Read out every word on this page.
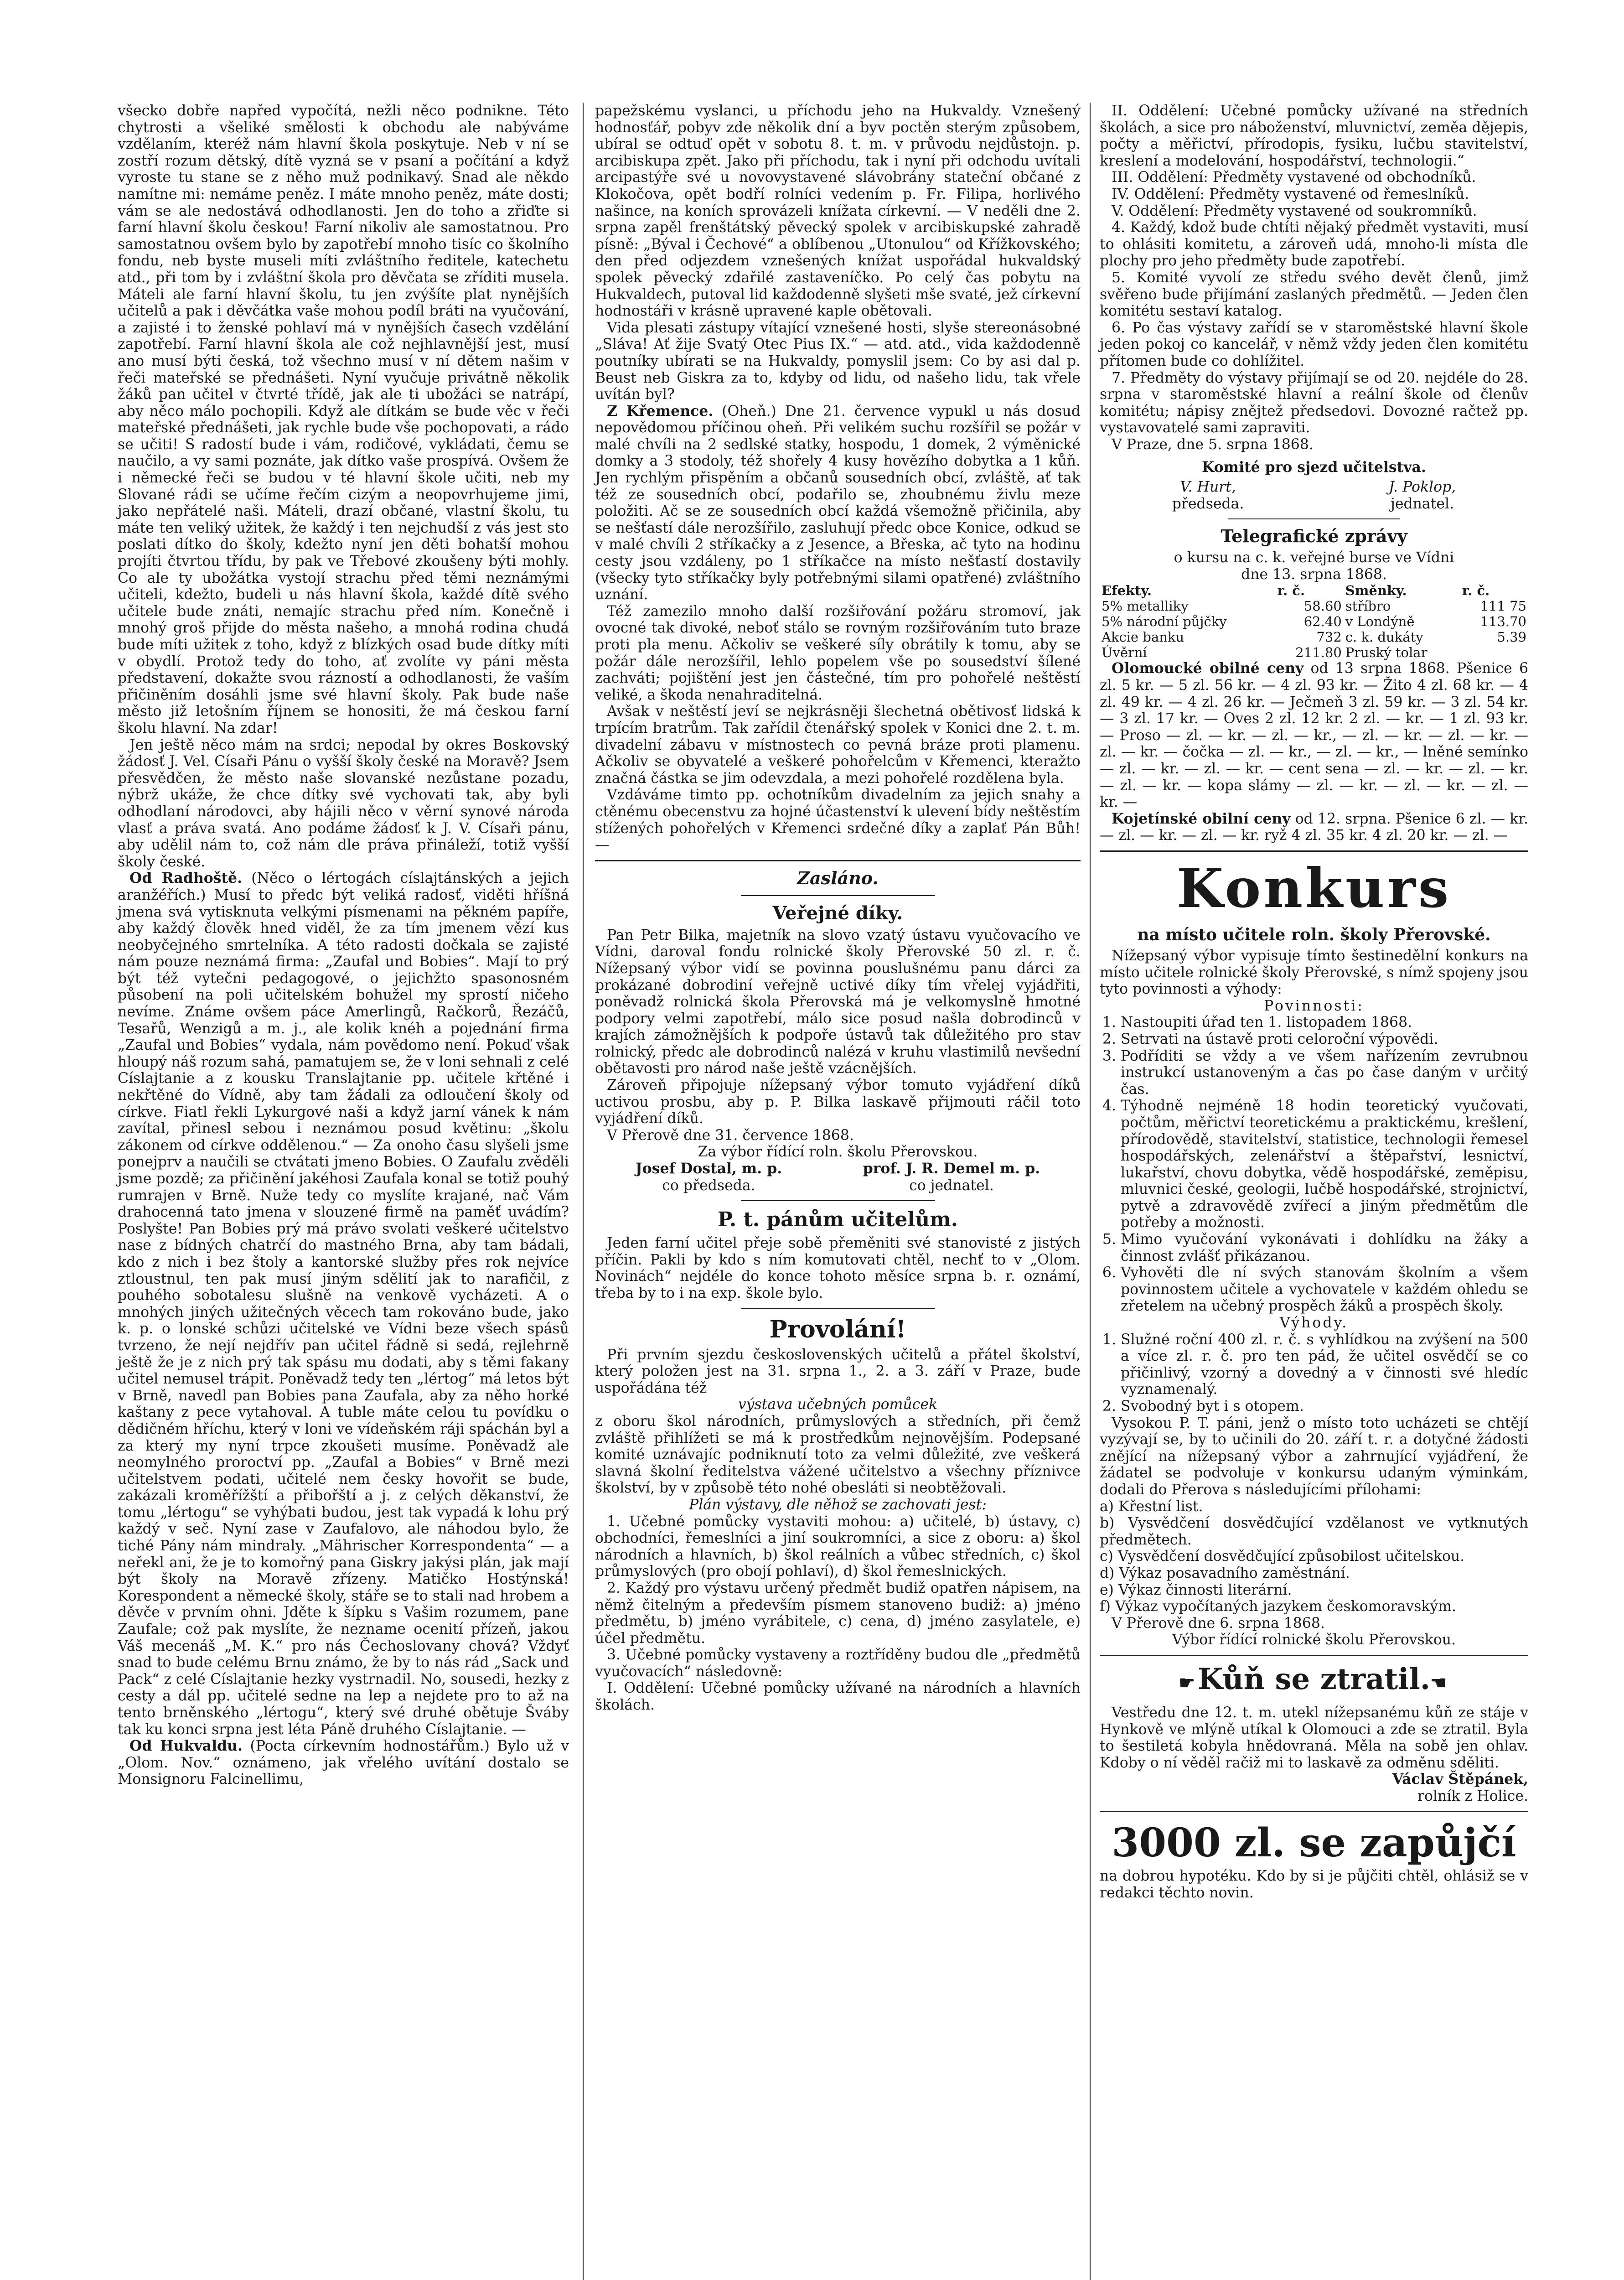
všecko dobře napřed vypočítá, nežli něco podnikne. Této chytrosti a všeliké smělosti k obchodu ale nabýváme vzdělaním, kteréž nám hlavní škola poskytuje. Neb v ní se zostří rozum dětský, dítě vyzná se v psaní a počítání a když vyroste tu stane se z něho muž podnikavý. Snad ale někdo namítne mi: nemáme peněz. I máte mnoho peněz, máte dosti; vám se ale nedostává odhodlanosti. Jen do toho a zřiďte si farní hlavní školu českou! Farní nikoliv ale samostatnou. Pro samostatnou ovšem bylo by zapotřebí mnoho tisíc co školního fondu, neb byste museli míti zvláštního ředitele, katechetu atd., při tom by i zvláštní škola pro děvčata se zříditi musela. Máteli ale farní hlavní školu, tu jen zvýšíte plat nynějších učitelů a pak i děvčátka vaše mohou podíl bráti na vyučování, a zajisté i to ženské pohlaví má v nynějších časech vzdělání zapotřebí. Farní hlavní škola ale což nejhlavnější jest, musí ano musí býti česká, tož všechno musí v ní dětem našim v řeči mateřské se přednášeti. Nyní vyučuje privátně několik žáků pan učitel v čtvrté třídě, jak ale ti ubožáci se natrápí, aby něco málo pochopili. Když ale dítkám se bude věc v řeči mateřské přednášeti, jak rychle bude vše pochopovati, a rádo se učiti! S radostí bude i vám, rodičové, vykládati, čemu se naučilo, a vy sami poznáte, jak dítko vaše prospívá. Ovšem že i německé řeči se budou v té hlavní škole učiti, neb my Slované rádi se učíme řečím cizým a neopovrhujeme jimi, jako nepřátelé naši. Máteli, drazí občané, vlastní školu, tu máte ten veliký užitek, že každý i ten nejchudší z vás jest sto poslati dítko do školy, kdežto nyní jen děti bohatší mohou projíti čtvrtou třídu, by pak ve Třebové zkoušeny býti mohly. Co ale ty ubožátka vystojí strachu před těmi neznámými učiteli, kdežto, budeli u nás hlavní škola, každé dítě svého učitele bude znáti, nemajíc strachu před ním. Konečně i mnohý groš přijde do města našeho, a mnohá rodina chudá bude míti užitek z toho, když z blízkých osad bude dítky míti v obydlí. Protož tedy do toho, ať zvolíte vy páni města představení, dokažte svou rázností a odhodlanosti, že vaším přičiněním dosáhli jsme své hlavní školy. Pak bude naše město již letošním říjnem se honositi, že má českou farní školu hlavní. Na zdar!

Jen ještě něco mám na srdci; nepodal by okres Boskovský žádosť J. Vel. Císaři Pánu o vyšší školy české na Moravě? Jsem přesvědčen, že město naše slovanské nezůstane pozadu, nýbrž ukáže, že chce dítky své vychovati tak, aby byli odhodlaní národovci, aby hájili něco v věrní synové národa vlasť a práva svatá. Ano podáme žádosť k J. V. Císaři pánu, aby udělil nám to, což nám dle práva přináleží, totiž vyšší školy české.

Od Radhoště. (Něco o lértogách císlajtánských a jejich aranžéřích.) Musí to předc být veliká radosť, viděti hříšná jmena svá vytisknuta velkými písmenami na pěkném papíře, aby každý člověk hned viděl, že za tím jmenem vězí kus neobyčejného smrtelníka. A této radosti dočkala se zajisté nám pouze neznámá firma: „Zaufal und Bobies“. Mají to prý být též vytečni pedagogové, o jejichžto spasonosném působení na poli učitelském bohužel my sprostí ničeho nevíme. Známe ovšem páce Amerlingů, Račkorů, Řezáčů, Tesařů, Wenzigů a m. j., ale kolik knéh a pojednání firma „Zaufal und Bobies“ vydala, nám povědomo není. Pokuď však hloupý náš rozum sahá, pamatujem se, že v loni sehnali z celé Císlajtanie a z kousku Translajtanie pp. učitele křtěné i nekřtěné do Vídně, aby tam žádali za odloučení školy od církve. Fiatl řekli Lykurgové naši a když jarní vánek k nám zavítal, přinesl sebou i neznámou posud květinu: „školu zákonem od církve oddělenou.“ — Za onoho času slyšeli jsme ponejprv a naučili se ctvátati jmeno Bobies. O Zaufalu zvěděli jsme pozdě; za přičinění jakéhosi Zaufala konal se totiž pouhý rumrajen v Brně. Nuže tedy co myslíte krajané, nač Vám drahocenná tato jmena v slouzené firmě na paměť uvádím? Poslyšte! Pan Bobies prý má právo svolati veškeré učitelstvo nase z bídných chatrčí do mastného Brna, aby tam bádali, kdo z nich i bez štoly a kantorské služby přes rok nejvíce ztloustnul, ten pak musí jiným sdělití jak to narafičil, z pouhého sobotalesu slušně na venkově vycházeti. A o mnohých jiných užitečných věcech tam rokováno bude, jako k. p. o lonské schůzi učitelské ve Vídni beze všech spásů tvrzeno, že nejí nejdřív pan učitel řádně si sedá, rejlehrně ještě že je z nich prý tak spásu mu dodati, aby s těmi fakany učitel nemusel trápit. Poněvadž tedy ten „lértog“ má letos být v Brně, navedl pan Bobies pana Zaufala, aby za něho horké kaštany z pece vytahoval. A tuble máte celou tu povídku o dědičném hříchu, který v loni ve vídeňském ráji spáchán byl a za který my nyní trpce zkoušeti musíme. Poněvadž ale neomylného proroctví pp. „Zaufal a Bobies“ v Brně mezi učitelstvem podati, učitelé nem česky hovořit se bude, zakázali kroměřížští a přibořští a j. z celých děkanství, že tomu „lértogu“ se vyhýbati budou, jest tak vypadá k lohu prý každý v seč. Nyní zase v Zaufalovo, ale náhodou bylo, že tiché Pány nám mindraly. „Mährischer Korrespondenta“ — a neřekl ani, že je to komořný pana Giskry jakýsi plán, jak mají být školy na Moravě zřízeny. Matičko Hostýnská! Korespondent a německé školy, stáře se to stali nad hrobem a děvče v prvním ohni. Jděte k šípku s Vašim rozumem, pane Zaufale; což pak myslíte, že nezname ocenití přízeň, jakou Váš mecenáš „M. K.“ pro nás Čechoslovany chová? Vždyť snad to bude celému Brnu známo, že by to nás rád „Sack und Pack“ z celé Císlajtanie hezky vystrnadil. No, sousedi, hezky z cesty a dál pp. učitelé sedne na lep a nejdete pro to až na tento brněnského „lértogu“, který své druhé obětuje Šváby tak ku konci srpna jest léta Páně druhého Císlajtanie. —

Od Hukvaldu. (Pocta církevním hodnostářům.) Bylo už v „Olom. Nov.“ oznámeno, jak vřelého uvítání dostalo se Monsignoru Falcinellimu,

papežskému vyslanci, u příchodu jeho na Hukvaldy. Vznešený hodnosťář, pobyv zde několik dní a byv poctěn sterým způsobem, ubíral se odtuď opět v sobotu 8. t. m. v průvodu nejdůstojn. p. arcibiskupa zpět. Jako při příchodu, tak i nyní při odchodu uvítali arcipastýře své u novovystavené slávobrány stateční občané z Klokočova, opět bodří rolníci vedením p. Fr. Filipa, horlivého našince, na koních sprovázeli knížata církevní. — V neděli dne 2. srpna zapěl frenštátský pěvecký spolek v arcibiskupské zahradě písně: „Býval i Čechové“ a oblíbenou „Utonulou“ od Křížkovského; den před odjezdem vznešených knížat uspořádal hukvaldský spolek pěvecký zdařilé zastaveníčko. Po celý čas pobytu na Hukvaldech, putoval lid každodenně slyšeti mše svaté, jež církevní hodnostáři v krásně upravené kaple obětovali.

Vida plesati zástupy vítající vznešené hosti, slyše stereonásobné „Sláva! Ať žije Svatý Otec Pius IX.“ — atd. atd., vida každodenně poutníky ubírati se na Hukvaldy, pomyslil jsem: Co by asi dal p. Beust neb Giskra za to, kdyby od lidu, od našeho lidu, tak vřele uvítán byl?

Z Křemence. (Oheň.) Dne 21. července vypukl u nás dosud nepovědomou příčinou oheň. Při velikém suchu rozšířil se požár v malé chvíli na 2 sedlské statky, hospodu, 1 domek, 2 výměnické domky a 3 stodoly, též shořely 4 kusy hovězího dobytka a 1 kůň. Jen rychlým přispěním a občanů sousedních obcí, zvláště, ať tak též ze sousedních obcí, podařilo se, zhoubnému živlu meze položiti. Ač se ze sousedních obcí každá všemožně přičinila, aby se nešťastí dále nerozšířilo, zasluhují předc obce Konice, odkud se v malé chvíli 2 stříkačky a z Jesence, a Břeska, ač tyto na hodinu cesty jsou vzdáleny, po 1 stříkačce na místo nešťastí dostavily (všecky tyto stříkačky byly potřebnými silami opatřené) zvláštního uznání.

Též zamezilo mnoho další rozšiřování požáru stromoví, jak ovocné tak divoké, neboť stálo se rovným rozšiřováním tuto braze proti pla menu. Ačkoliv se veškeré síly obrátily k tomu, aby se požár dále nerozšířil, lehlo popelem vše po sousedství šílené zachváti; pojištění jest jen částečné, tím pro pohořelé neštěstí veliké, a škoda nenahraditelná.

Avšak v neštěstí jeví se nejkrásněji šlechetná obětivosť lidská k trpícím bratrům. Tak zařídil čtenářský spolek v Konici dne 2. t. m. divadelní zábavu v místnostech co pevná bráze proti plamenu. Ačkoliv se obyvatelé a veškeré pohořelcům v Křemenci, kteražto značná částka se jim odevzdala, a mezi pohořelé rozdělena byla.

Vzdáváme timto pp. ochotníkům divadelním za jejich snahy a ctěnému obecenstvu za hojné účastenství k ulevení bídy neštěstím stížených pohořelých v Křemenci srdečné díky a zaplať Pán Bůh! —

Zasláno.
Veřejné díky.

Pan Petr Bilka, majetník na slovo vzatý ústavu vyučovacího ve Vídni, daroval fondu rolnické školy Přerovské 50 zl. r. č. Nížepsaný výbor vidí se povinna pouslušnému panu dárci za prokázané dobrodiní veřejně uctivé díky tím vřelej vyjádřiti, poněvadž rolnická škola Přerovská má je velkomyslně hmotné podpory velmi zapotřebí, málo sice posud našla dobrodinců v krajích zámožnějších k podpoře ústavů tak důležitého pro stav rolnický, předc ale dobrodinců nalézá v kruhu vlastimilů nevšední obětavosti pro národ naše ještě vzácnějších.

Zároveň připojuje nížepsaný výbor tomuto vyjádření díků uctivou prosbu, aby p. P. Bilka laskavě přijmouti ráčil toto vyjádření díků.

V Přerově dne 31. července 1868.

Za výbor řídící roln. školu Přerovskou.

Josef Dostal, m. p.
co předseda.
prof. J. R. Demel m. p.
co jednatel.
P. t. pánům učitelům.

Jeden farní učitel přeje sobě přeměniti své stanovisté z jistých příčin. Pakli by kdo s ním komutovati chtěl, nechť to v „Olom. Novinách“ nejdéle do konce tohoto měsíce srpna b. r. oznámí, třeba by to i na exp. škole bylo.

Provolání!

Při prvním sjezdu československých učitelů a přátel školství, který položen jest na 31. srpna 1., 2. a 3. září v Praze, bude uspořádána též

výstava učebných pomůcek

z oboru škol národních, průmyslových a středních, při čemž zvláště přihlížeti se má k prostředkům nejnovějším. Podepsané komité uznávajíc podniknutí toto za velmi důležité, zve veškerá slavná školní ředitelstva vážené učitelstvo a všechny příznivce školství, by v způsobě této nohé obesláti si neobtěžovali.

Plán výstavy, dle něhož se zachovati jest:

1. Učebné pomůcky vystaviti mohou: a) učitelé, b) ústavy, c) obchodníci, řemeslníci a jiní soukromníci, a sice z oboru: a) škol národních a hlavních, b) škol reálních a vůbec středních, c) škol průmyslových (pro obojí pohlaví), d) škol řemeslnických.

2. Každý pro výstavu určený předmět budiž opatřen nápisem, na němž čitelným a především písmem stanoveno budiž: a) jméno předmětu, b) jméno vyrábitele, c) cena, d) jméno zasylatele, e) účel předmětu.

3. Učebné pomůcky vystaveny a roztříděny budou dle „předmětů vyučovacích“ následovně:

I. Oddělení: Učebné pomůcky užívané na národních a hlavních školách.

II. Oddělení: Učebné pomůcky užívané na středních školách, a sice pro náboženství, mluvnictví, zeměa dějepis, počty a měřictví, přírodopis, fysiku, lučbu stavitelství, kreslení a modelování, hospodářství, technologii.“

III. Oddělení: Předměty vystavené od obchodníků.

IV. Oddělení: Předměty vystavené od řemeslníků.

V. Oddělení: Předměty vystavené od soukromníků.

4. Každý, kdož bude chtíti nějaký předmět vystaviti, musí to ohlásiti komitetu, a zároveň udá, mnoho-li místa dle plochy pro jeho předměty bude zapotřebí.

5. Komité vyvolí ze středu svého devět členů, jimž svěřeno bude přijímání zaslaných předmětů. — Jeden člen komitétu sestaví katalog.

6. Po čas výstavy zařídí se v staroměstské hlavní škole jeden pokoj co kancelář, v němž vždy jeden člen komitétu přítomen bude co dohlížitel.

7. Předměty do výstavy přijímají se od 20. nejdéle do 28. srpna v staroměstské hlavní a reální škole od členův komitétu; nápisy znějtež předsedovi. Dovozné račtež pp. vystavovatelé sami zapraviti.

V Praze, dne 5. srpna 1868.

Komité pro sjezd učitelstva.
V. Hurt,
předseda.
J. Poklop,
jednatel.
Telegrafické zprávy

o kursu na c. k. veřejné burse ve Vídni

dne 13. srpna 1868.

Efekty.	r. č.	Směnky.	r. č.
5% metalliky	58.60	stříbro	111 75
5% národní půjčky	62.40	v Londýně	113.70
Akcie banku	732	c. k. dukáty	5.39
Úvěrní	211.80	Pruský tolar	

Olomoucké obilné ceny od 13 srpna 1868. Pšenice 6 zl. 5 kr. — 5 zl. 56 kr. — 4 zl. 93 kr. — Žito 4 zl. 68 kr. — 4 zl. 49 kr. — 4 zl. 26 kr. — Ječmeň 3 zl. 59 kr. — 3 zl. 54 kr. — 3 zl. 17 kr. — Oves 2 zl. 12 kr. 2 zl. — kr. — 1 zl. 93 kr. — Proso — zl. — kr. — zl. — kr., — zl. — kr. — zl. — kr. — zl. — kr. — čočka — zl. — kr., — zl. — kr., — lněné semínko — zl. — kr. — zl. — kr. — cent sena — zl. — kr. — zl. — kr. — zl. — kr. — kopa slámy — zl. — kr. — zl. — kr. — zl. — kr. —

Kojetínské obilní ceny od 12. srpna. Pšenice 6 zl. — kr. — zl. — kr. — zl. — kr. ryž 4 zl. 35 kr. 4 zl. 20 kr. — zl. —

Konkurs
na místo učitele roln. školy Přerovské.

Nížepsaný výbor vypisuje tímto šestinedělní konkurs na místo učitele rolnické školy Přerovské, s nímž spojeny jsou tyto povinnosti a výhody:

Povinnosti:

1. Nastoupiti úřad ten 1. listopadem 1868.
2. Setrvati na ústavě proti celoroční výpovědi.
3. Podříditi se vždy a ve všem nařízením zevrubnou instrukcí ustanoveným a čas po čase daným v určitý čas.
4. Týhodně nejméně 18 hodin teoretický vyučovati, počtům, měřictví teoretickému a praktickému, krešlení, přírodovědě, stavitelství, statistice, technologii řemesel hospodářských, zelenářství a štěpařství, lesnictví, lukařství, chovu dobytka, vědě hospodářské, zeměpisu, mluvnici české, geologii, lučbě hospodářské, strojnictví, pytvě a zdravovědě zvířecí a jiným předmětům dle potřeby a možnosti.
5. Mimo vyučování vykonávati i dohlídku na žáky a činnost zvlášť přikázanou.
6. Vyhověti dle ní svých stanovám školním a všem povinnostem učitele a vychovatele v každém ohledu se zřetelem na učebný prospěch žáků a prospěch školy.

Výhody.

1. Služné roční 400 zl. r. č. s vyhlídkou na zvýšení na 500 a více zl. r. č. pro ten pád, že učitel osvědčí se co přičinlivý, vzorný a dovedný a v činnosti své hledíc vyznamenalý.
2. Svobodný byt i s otopem.

Vysokou P. T. páni, jenž o místo toto ucházeti se chtějí vyzývají se, by to učinili do 20. září t. r. a dotyčné žádosti znějící na nížepsaný výbor a zahrnující vyjádření, že žádatel se podvoluje v konkursu udaným výminkám, dodali do Přerova s následujícími přílohami:

a) Křestní list.

b) Vysvědčení dosvědčující vzdělanost ve vytknutých předmětech.

c) Vysvědčení dosvědčující způsobilost učitelskou.

d) Výkaz posavadního zaměstnání.

e) Výkaz činnosti literární.

f) Výkaz vypočítaných jazykem českomoravským.

V Přerově dne 6. srpna 1868.

Výbor řídící rolnické školu Přerovskou.

☛Kůň se ztratil.☚

Vestředu dne 12. t. m. utekl nížepsanému kůň ze stáje v Hynkově ve mlýně utíkal k Olomouci a zde se ztratil. Byla to šestiletá kobyla hnědovraná. Měla na sobě jen ohlav. Kdoby o ní věděl račiž mi to laskavě za odměnu sděliti.

Václav Štěpánek,

rolník z Holice.

3000 zl. se zapůjčí

na dobrou hypotéku. Kdo by si je půjčiti chtěl, ohlásiž se v redakci těchto novin.
